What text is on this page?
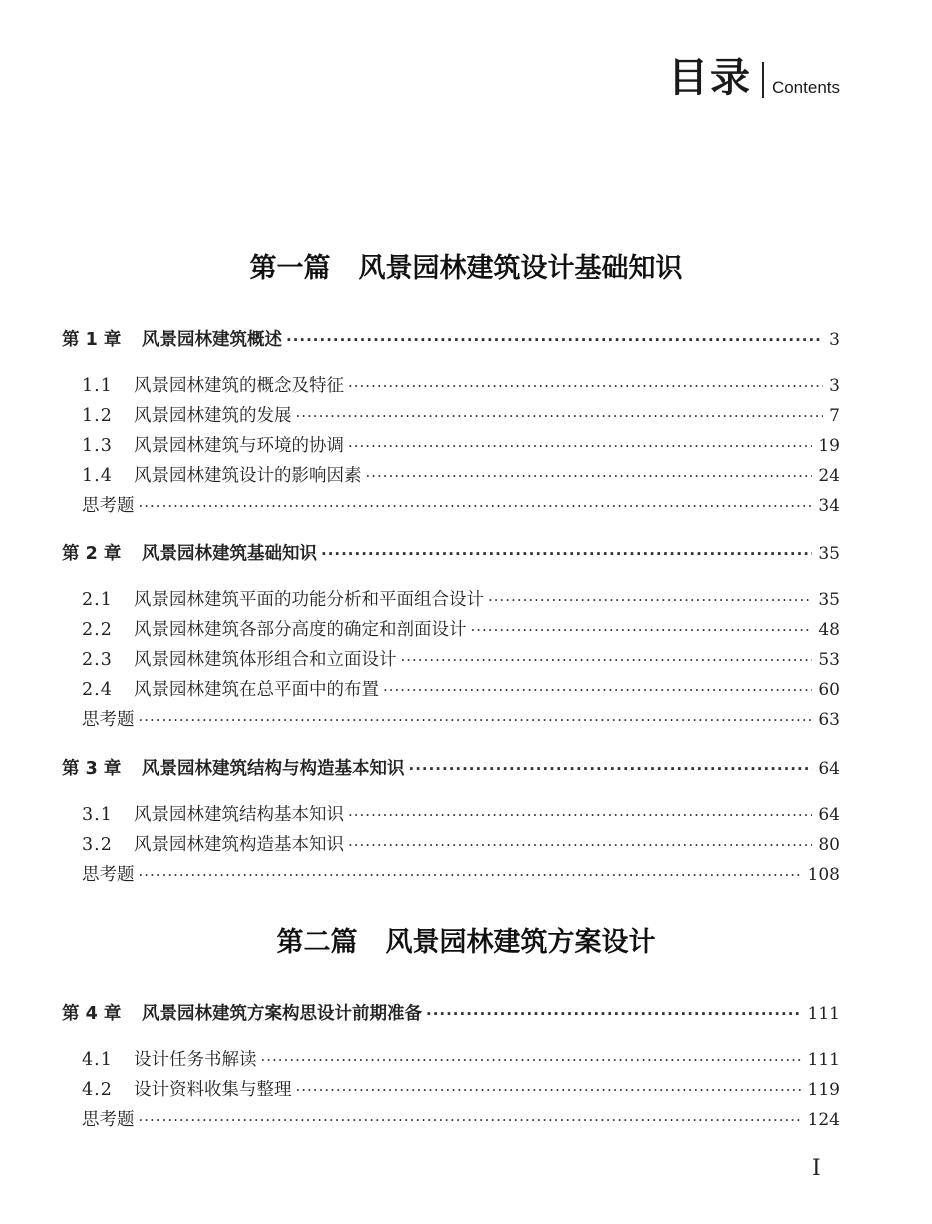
目录 Contents
第一篇 风景园林建筑设计基础知识
第 1 章	风景园林建筑概述 ·····	3
1.1	风景园林建筑的概念及特征 ·····	3
1.2	风景园林建筑的发展 ·····	7
1.3	风景园林建筑与环境的协调 ·····	19
1.4	风景园林建筑设计的影响因素 ·····	24
思考题 ·····	34
第 2 章	风景园林建筑基础知识 ·····	35
2.1	风景园林建筑平面的功能分析和平面组合设计 ·····	35
2.2	风景园林建筑各部分高度的确定和剖面设计 ·····	48
2.3	风景园林建筑体形组合和立面设计 ·····	53
2.4	风景园林建筑在总平面中的布置 ·····	60
思考题 ·····	63
第 3 章	风景园林建筑结构与构造基本知识 ·····	64
3.1	风景园林建筑结构基本知识 ·····	64
3.2	风景园林建筑构造基本知识 ·····	80
思考题 ·····	108
第二篇 风景园林建筑方案设计
第 4 章	风景园林建筑方案构思设计前期准备 ·····	111
4.1	设计任务书解读 ·····	111
4.2	设计资料收集与整理 ·····	119
思考题 ·····	124
I
